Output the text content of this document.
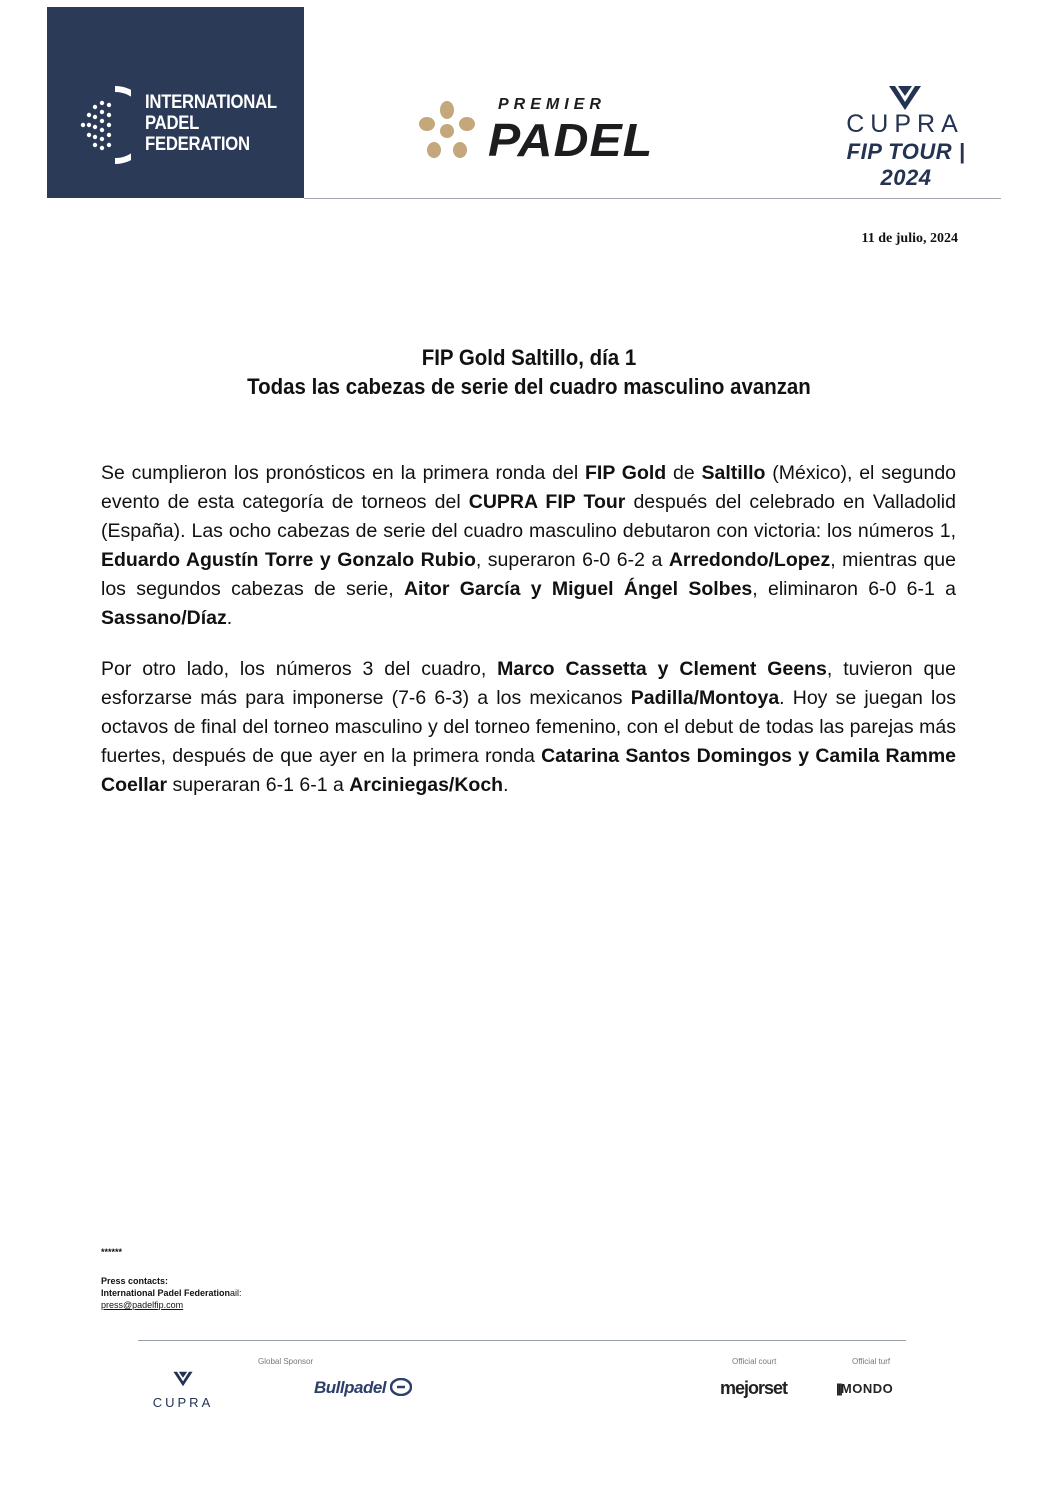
INTERNATIONAL
PADEL
FEDERATION
PREMIER
PADEL	CUPRA
FIP TOUR | 2024
11 de julio, 2024
FIP Gold Saltillo, día 1
Todas las cabezas de serie del cuadro masculino avanzan

Se cumplieron los pronósticos en la primera ronda del FIP Gold de Saltillo (México), el segundo evento de esta categoría de torneos del CUPRA FIP Tour después del celebrado en Valladolid (España). Las ocho cabezas de serie del cuadro masculino debutaron con victoria: los números 1, Eduardo Agustín Torre y Gonzalo Rubio, superaron 6-0 6-2 a Arredondo/Lopez, mientras que los segundos cabezas de serie, Aitor García y Miguel Ángel Solbes, eliminaron 6-0 6-1 a Sassano/Díaz.

Por otro lado, los números 3 del cuadro, Marco Cassetta y Clement Geens, tuvieron que esforzarse más para imponerse (7-6 6-3) a los mexicanos Padilla/Montoya. Hoy se juegan los octavos de final del torneo masculino y del torneo femenino, con el debut de todas las parejas más fuertes, después de que ayer en la primera ronda Catarina Santos Domingos y Camila Ramme Coellar superaran 6-1 6-1 a Arciniegas/Koch.

******
Press contacts:
International Padel Federationail:
press@padelfip.com
Global Sponsor	Official court	Official turf
CUPRA
Bullpadel	mejorset	|||MONDO
